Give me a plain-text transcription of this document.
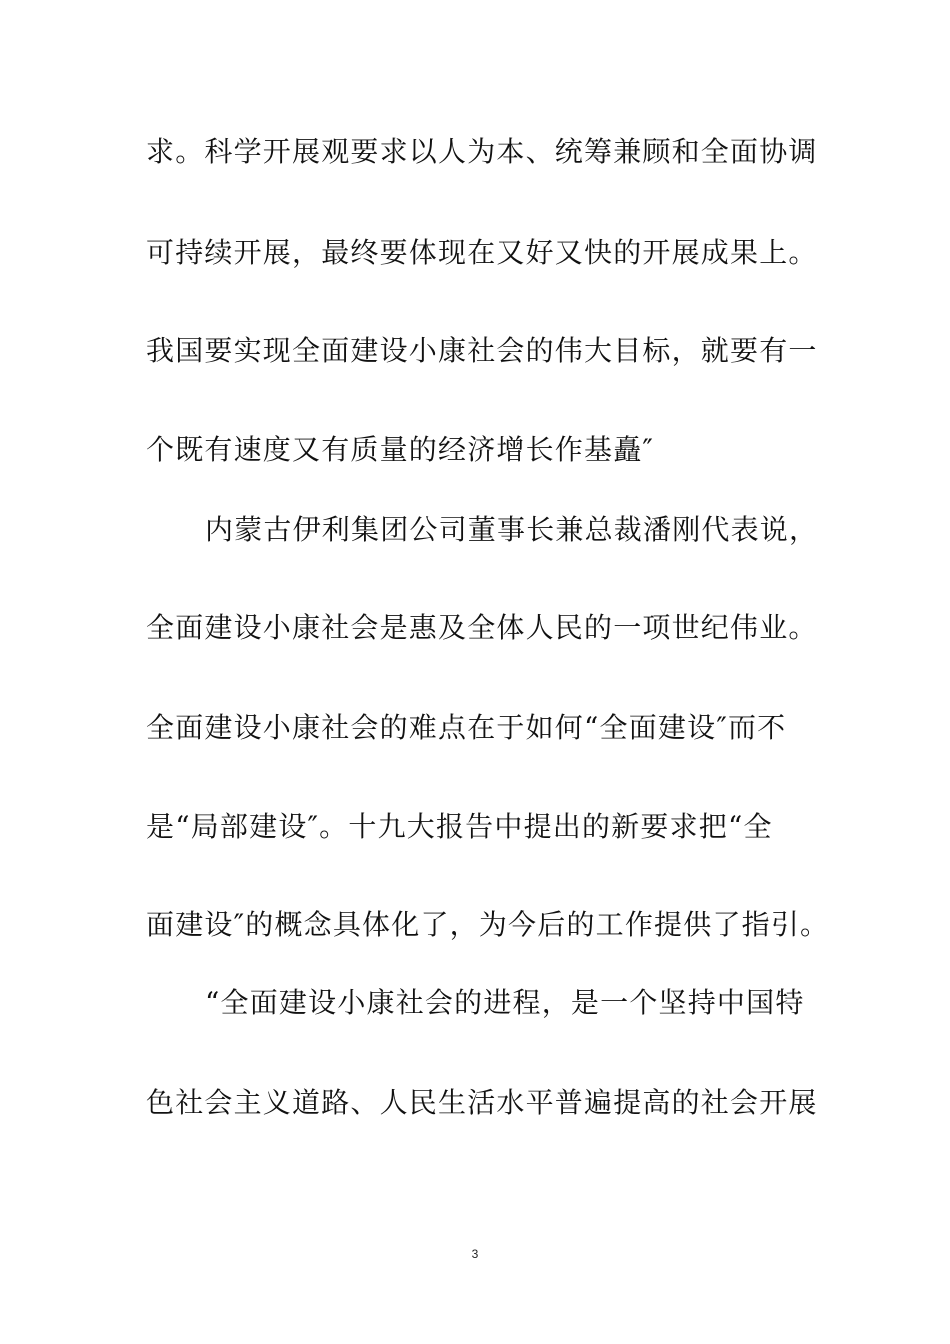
求。科学开展观要求以人为本、统筹兼顾和全面协调
可持续开展，最终要体现在又好又快的开展成果上。
我国要实现全面建设小康社会的伟大目标，就要有一
个既有速度又有质量的经济增长作基矗″
内蒙古伊利集团公司董事长兼总裁潘刚代表说，
全面建设小康社会是惠及全体人民的一项世纪伟业。
全面建设小康社会的难点在于如何“全面建设″而不
是“局部建设″。十九大报告中提出的新要求把“全
面建设″的概念具体化了，为今后的工作提供了指引。
“全面建设小康社会的进程，是一个坚持中国特
色社会主义道路、人民生活水平普遍提高的社会开展
3
